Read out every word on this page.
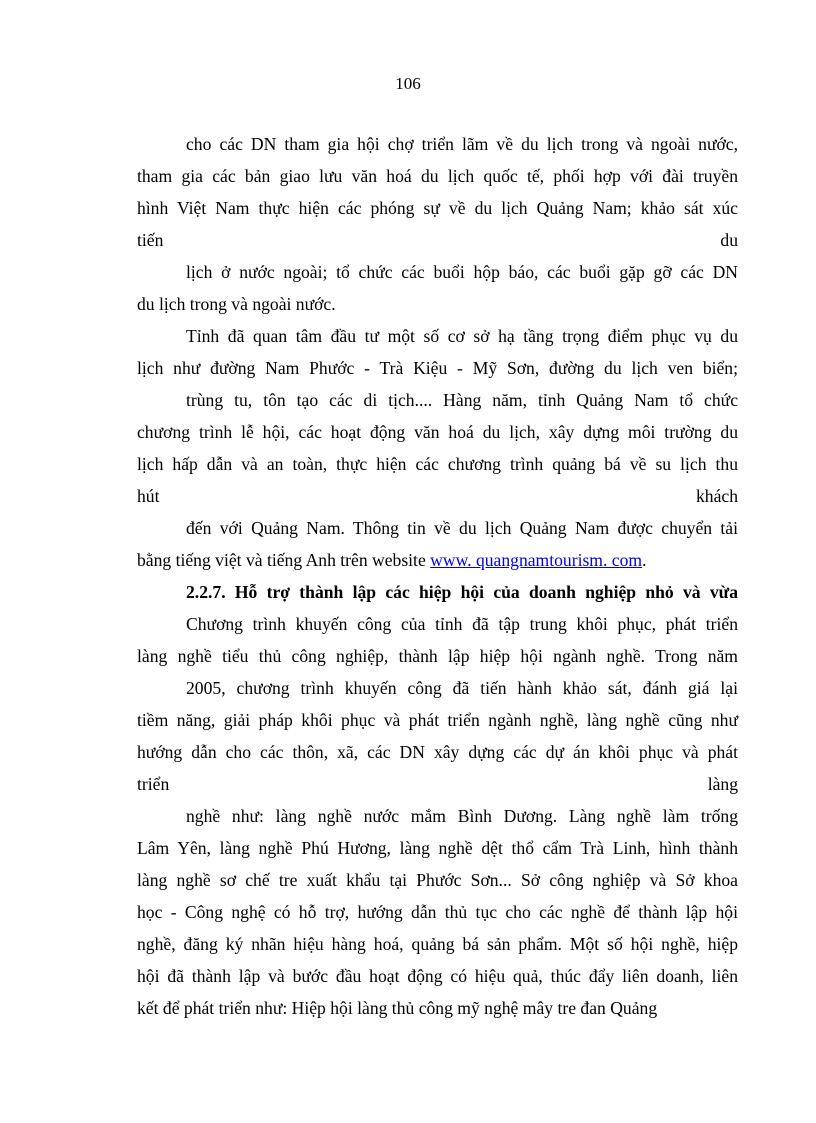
106
cho các DN tham gia hội chợ triển lãm về du lịch trong và ngoài nước,
tham gia các bản giao lưu văn hoá du lịch quốc tế, phối hợp với đài truyền
hình Việt Nam thực hiện các phóng sự về du lịch Quảng Nam; khảo sát xúc
tiến	du
lịch ở nước ngoài; tổ chức các buổi hộp báo, các buổi gặp gỡ các DN
du lịch trong và ngoài nước.
Tỉnh đã quan tâm đầu tư một số cơ sở hạ tầng trọng điểm phục vụ du
lịch như đường Nam Phước - Trà Kiệu - Mỹ Sơn, đường du lịch ven biển;
trùng tu, tôn tạo các di tịch.... Hàng năm, tỉnh Quảng Nam tổ chức
chương trình lễ hội, các hoạt động văn hoá du lịch, xây dựng môi trường du
lịch hấp dẫn và an toàn, thực hiện các chương trình quảng bá về su lịch thu
hút	khách
đến với Quảng Nam. Thông tin về du lịch Quảng Nam được chuyển tải
bằng tiếng việt và tiếng Anh trên website www. quangnamtourism. com.
2.2.7. Hỗ trợ thành lập các hiệp hội của doanh nghiệp nhỏ và vừa
Chương trình khuyến công của tỉnh đã tập trung khôi phục, phát triển
làng nghề tiểu thủ công nghiệp, thành lập hiệp hội ngành nghề. Trong năm
2005, chương trình khuyến công đã tiến hành khảo sát, đánh giá lại
tiềm năng, giải pháp khôi phục và phát triển ngành nghề, làng nghề cũng như
hướng dẫn cho các thôn, xã, các DN xây dựng các dự án khôi phục và phát
triển	làng
nghề như: làng nghề nước mắm Bình Dương. Làng nghề làm trống
Lâm Yên, làng nghề Phú Hương, làng nghề dệt thổ cẩm Trà Linh, hình thành
làng nghề sơ chế tre xuất khẩu tại Phước Sơn... Sở công nghiệp và Sở khoa
học - Công nghệ có hỗ trợ, hướng dẫn thủ tục cho các nghề để thành lập hội
nghề, đăng ký nhãn hiệu hàng hoá, quảng bá sản phẩm. Một số hội nghề, hiệp
hội đã thành lập và bước đầu hoạt động có hiệu quả, thúc đẩy liên doanh, liên
kết để phát triển như: Hiệp hội làng thủ công mỹ nghệ mây tre đan Quảng
